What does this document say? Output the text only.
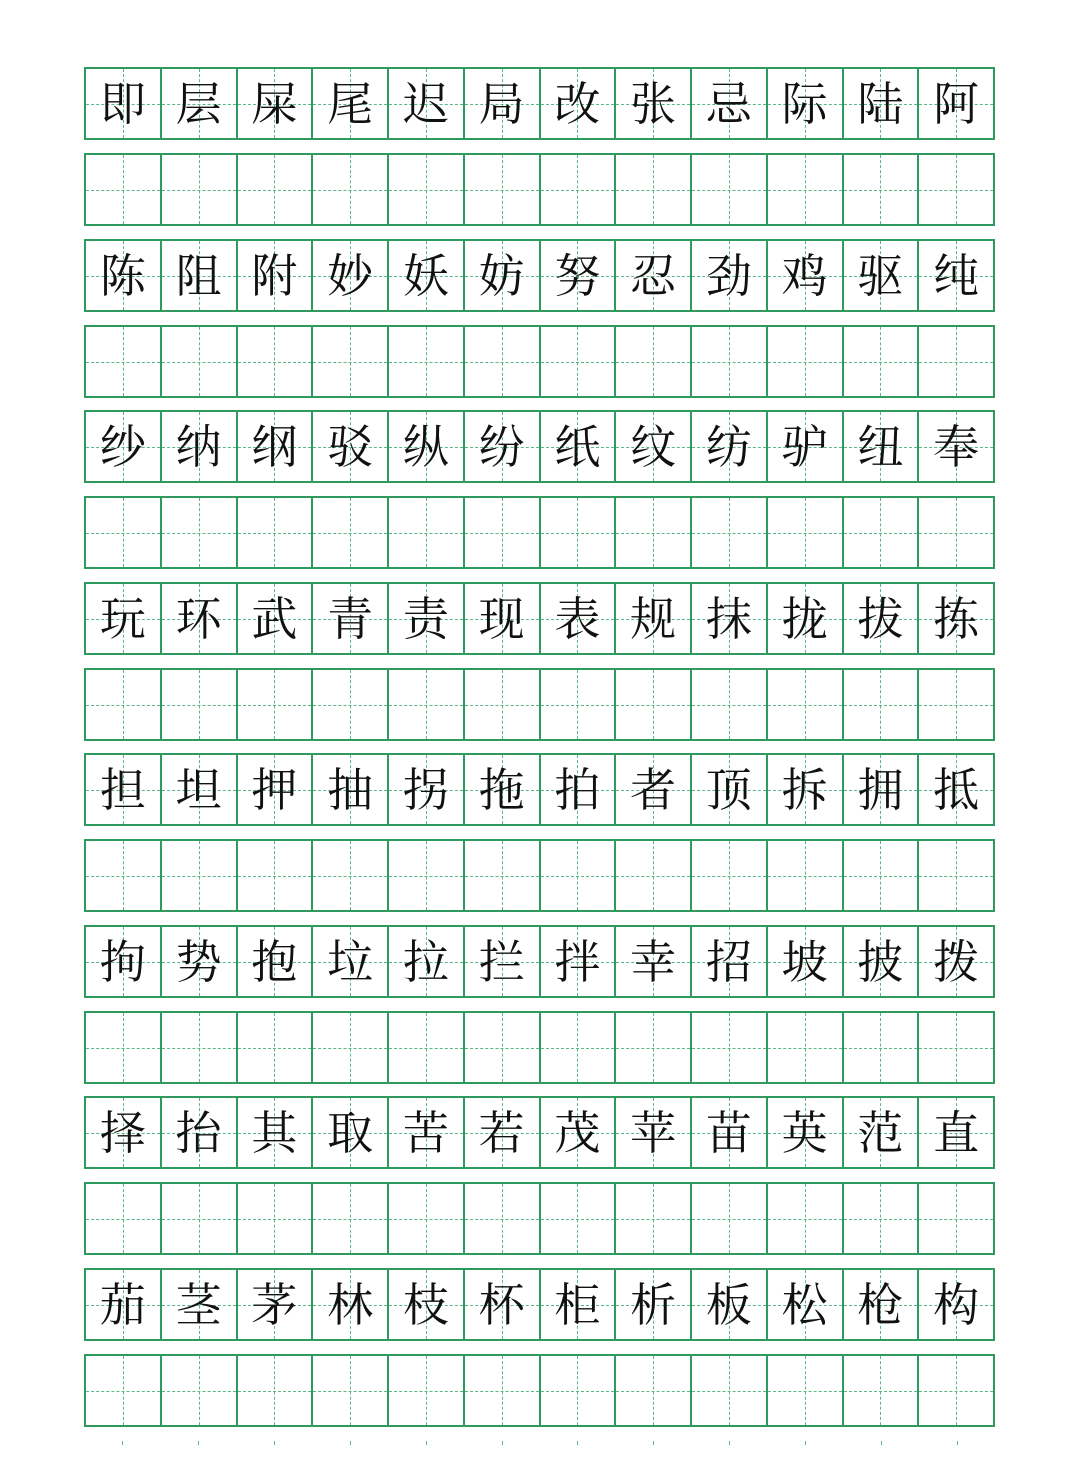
即 层 屎 尾 迟 局 改 张 忌 际 陆 阿
陈 阻 附 妙 妖 妨 努 忍 劲 鸡 驱 纯
纱 纳 纲 驳 纵 纷 纸 纹 纺 驴 纽 奉
玩 环 武 青 责 现 表 规 抹 拢 拔 拣
担 坦 押 抽 拐 拖 拍 者 顶 拆 拥 抵
拘 势 抱 垃 拉 拦 拌 幸 招 坡 披 拨
择 抬 其 取 苦 若 茂 苹 苗 英 范 直
茄 茎 茅 林 枝 杯 柜 析 板 松 枪 构
